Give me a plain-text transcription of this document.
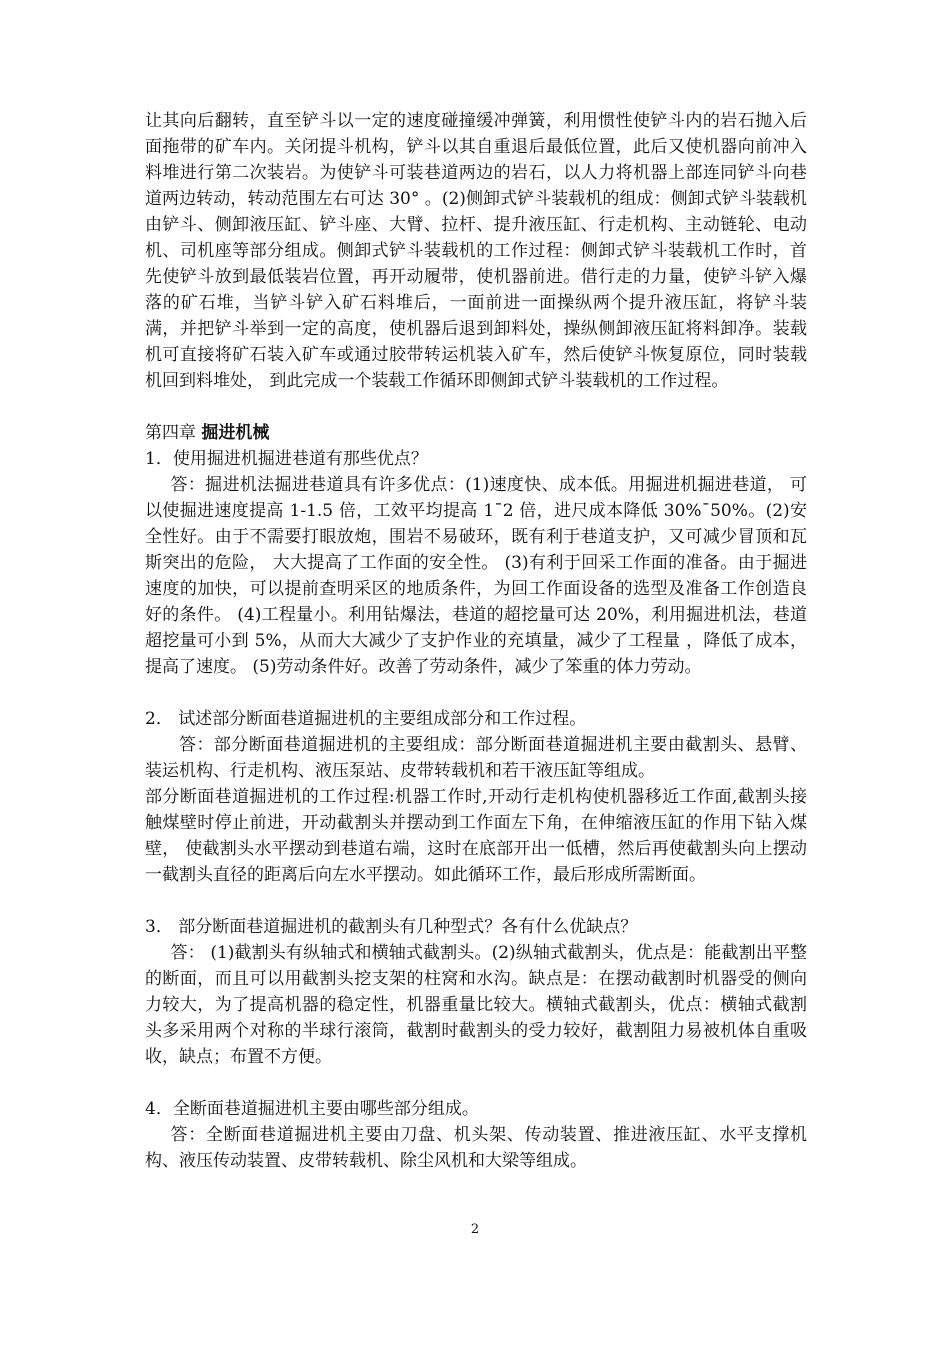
让其向后翻转，直至铲斗以一定的速度碰撞缓冲弹簧，利用惯性使铲斗内的岩石抛入后面拖带的矿车内。关闭提斗机构，铲斗以其自重退后最低位置，此后又使机器向前冲入料堆进行第二次装岩。为使铲斗可装巷道两边的岩石，以人力将机器上部连同铲斗向巷道两边转动，转动范围左右可达 30° 。(2)侧卸式铲斗装载机的组成：侧卸式铲斗装载机由铲斗、侧卸液压缸、铲斗座、大臂、拉杆、提升液压缸、行走机构、主动链轮、电动机、司机座等部分组成。侧卸式铲斗装载机的工作过程：侧卸式铲斗装载机工作时，首先使铲斗放到最低装岩位置，再开动履带，使机器前进。借行走的力量，使铲斗铲入爆落的矿石堆，当铲斗铲入矿石料堆后，一面前进一面操纵两个提升液压缸，将铲斗装满，并把铲斗举到一定的高度，使机器后退到卸料处，操纵侧卸液压缸将料卸净。装载机可直接将矿石装入矿车或通过胶带转运机装入矿车，然后使铲斗恢复原位，同时装载机回到料堆处， 到此完成一个装载工作循环即侧卸式铲斗装载机的工作过程。

第四章 掘进机械

1．使用掘进机掘进巷道有那些优点？

答：掘进机法掘进巷道具有许多优点：(1)速度快、成本低。用掘进机掘进巷道， 可以使掘进速度提高 1-1.5 倍，工效平均提高 1¯2 倍，进尺成本降低 30%¯50%。(2)安全性好。由于不需要打眼放炮，围岩不易破环，既有利于巷道支护，又可减少冒顶和瓦斯突出的危险， 大大提高了工作面的安全性。 (3)有利于回采工作面的准备。由于掘进速度的加快，可以提前查明采区的地质条件，为回工作面设备的选型及准备工作创造良好的条件。 (4)工程量小。利用钻爆法，巷道的超挖量可达 20%，利用掘进机法，巷道超挖量可小到 5%，从而大大减少了支护作业的充填量，减少了工程量 ，降低了成本，提高了速度。 (5)劳动条件好。改善了劳动条件，减少了笨重的体力劳动。

2． 试述部分断面巷道掘进机的主要组成部分和工作过程。

答：部分断面巷道掘进机的主要组成：部分断面巷道掘进机主要由截割头、悬臂、装运机构、行走机构、液压泵站、皮带转载机和若干液压缸等组成。

部分断面巷道掘进机的工作过程:机器工作时,开动行走机构使机器移近工作面,截割头接触煤壁时停止前进，开动截割头并摆动到工作面左下角，在伸缩液压缸的作用下钻入煤壁， 使截割头水平摆动到巷道右端，这时在底部开出一低槽，然后再使截割头向上摆动一截割头直径的距离后向左水平摆动。如此循环工作，最后形成所需断面。

3． 部分断面巷道掘进机的截割头有几种型式？各有什么优缺点？

答： (1)截割头有纵轴式和横轴式截割头。(2)纵轴式截割头，优点是：能截割出平整的断面，而且可以用截割头挖支架的柱窝和水沟。缺点是：在摆动截割时机器受的侧向力较大，为了提高机器的稳定性，机器重量比较大。横轴式截割头，优点：横轴式截割头多采用两个对称的半球行滚筒，截割时截割头的受力较好，截割阻力易被机体自重吸收，缺点；布置不方便。

4．全断面巷道掘进机主要由哪些部分组成。

答：全断面巷道掘进机主要由刀盘、机头架、传动装置、推进液压缸、水平支撑机构、液压传动装置、皮带转载机、除尘风机和大梁等组成。

2
